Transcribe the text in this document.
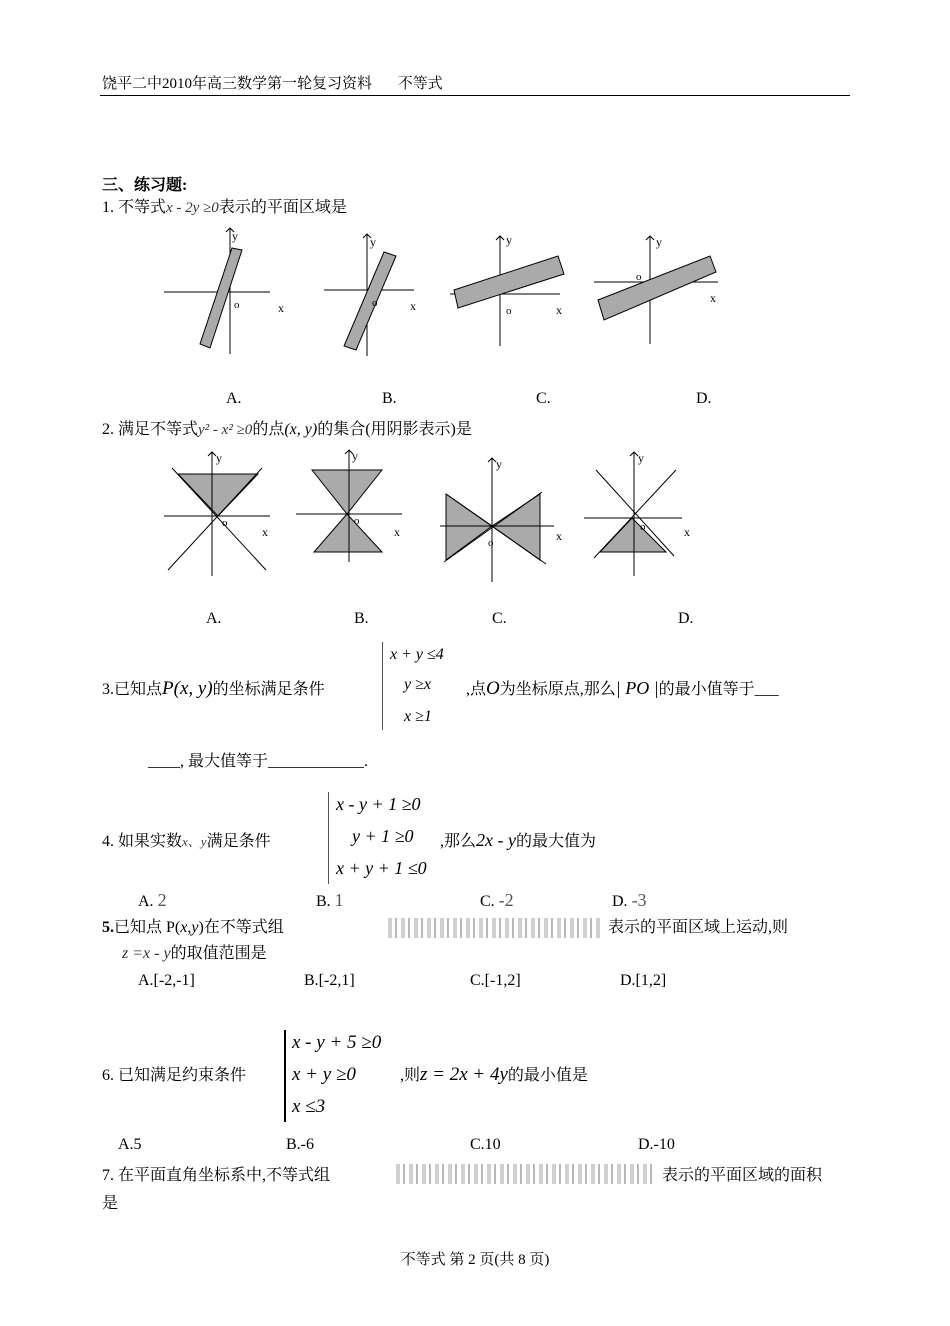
饶平二中2010年高三数学第一轮复习资料 不等式
三、练习题:
1. 不等式x - 2y ≥0表示的平面区域是
y
o	x
y
o	x
y
o	x
y
o
x
A.	B.	C.	D.
2. 满足不等式y² - x² ≥0的点(x, y)的集合(用阴影表示)是
y
o
x
y
o
x
y
o	x
y
o	x
A.	B.	C.	D.
3.已知点P(x, y)的坐标满足条件
x + y ≤4
y ≥x
x ≥1
,点O为坐标原点,那么| PO |的最小值等于___
____, 最大值等于____________.
4. 如果实数x、y满足条件
x - y + 1 ≥0
y + 1 ≥0
x + y + 1 ≤0
,那么2x - y的最大值为
A. 2	B. 1	C. -2	D. -3
5.已知点 P(x,y)在不等式组	表示的平面区域上运动,则
z =x - y的取值范围是
A.[-2,-1]	B.[-2,1]	C.[-1,2]	D.[1,2]
6. 已知满足约束条件
x - y + 5 ≥0
x + y ≥0
x ≤3
,则z = 2x + 4y的最小值是
A.5	B.-6	C.10	D.-10
7. 在平面直角坐标系中,不等式组	表示的平面区域的面积
是
不等式 第 2 页(共 8 页)
